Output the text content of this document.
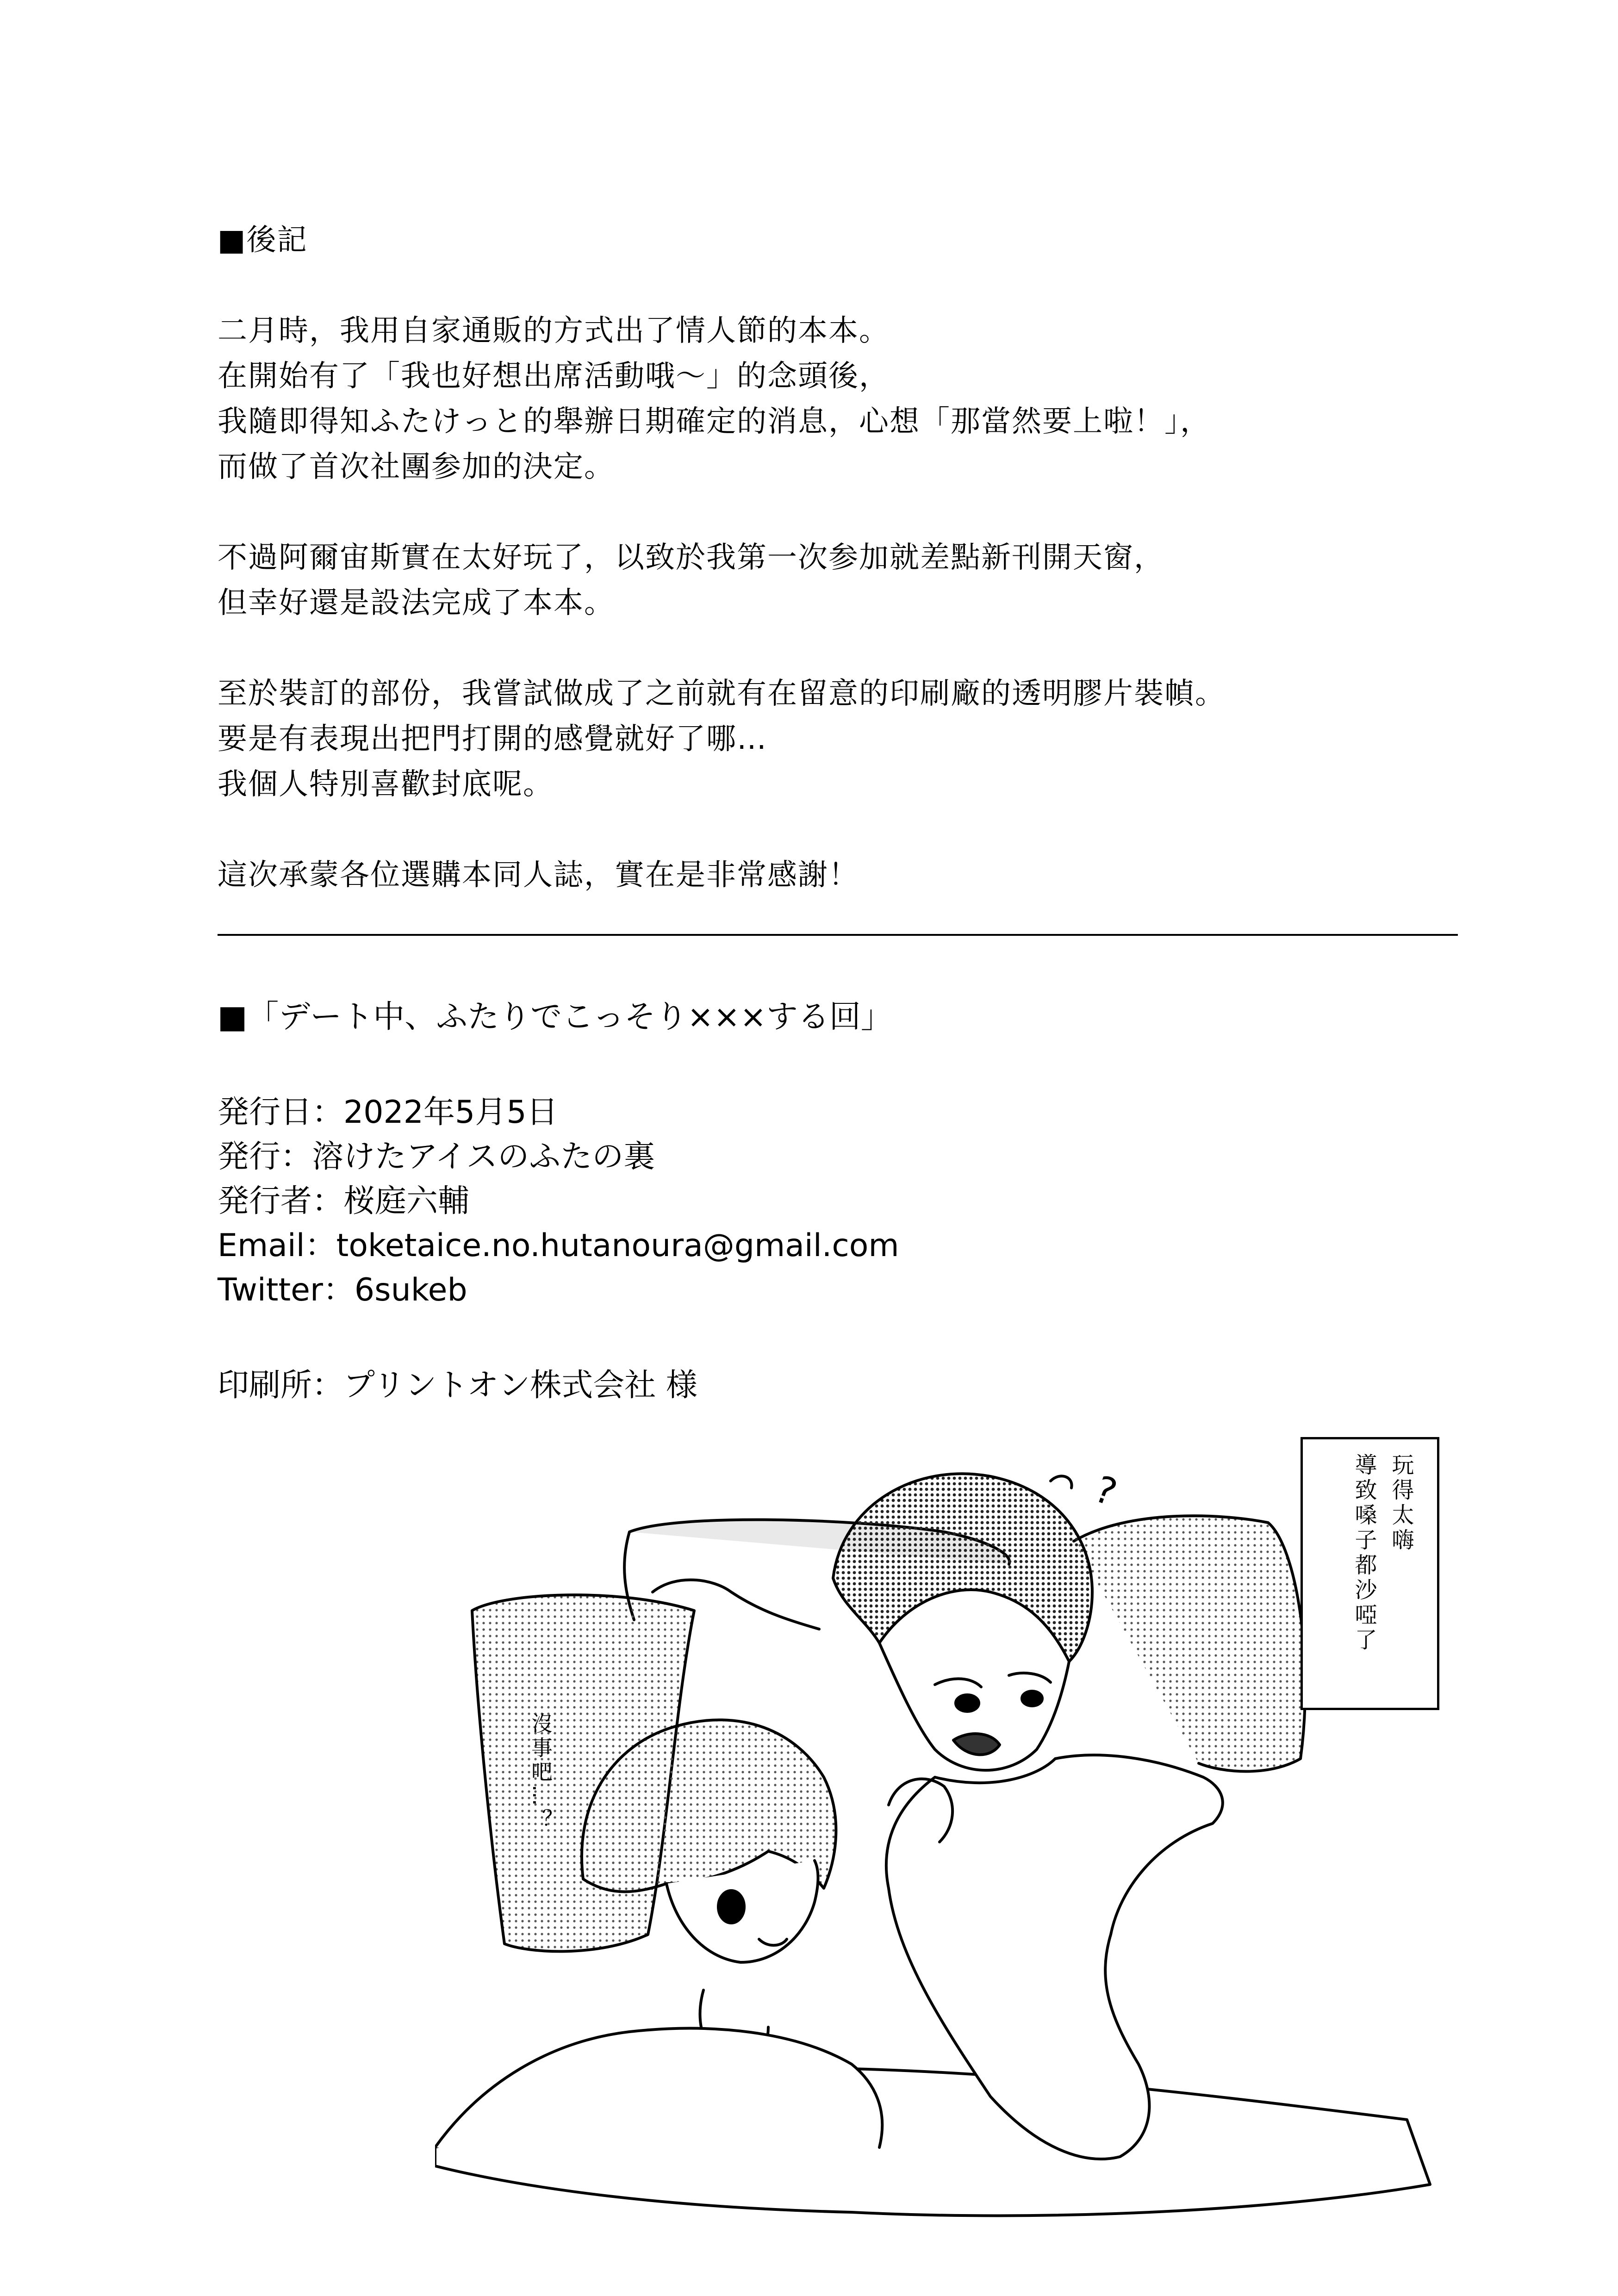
■後記
二月時，我用自家通販的方式出了情人節的本本。
在開始有了「我也好想出席活動哦～」的念頭後，
我隨即得知ふたけっと的舉辦日期確定的消息，心想「那當然要上啦！」，
而做了首次社團参加的決定。
不過阿爾宙斯實在太好玩了，以致於我第一次参加就差點新刊開天窗，
但幸好還是設法完成了本本。
至於裝訂的部份，我嘗試做成了之前就有在留意的印刷廠的透明膠片裝幀。
要是有表現出把門打開的感覺就好了哪…
我個人特別喜歡封底呢。
這次承蒙各位選購本同人誌，實在是非常感謝！
■「デート中、ふたりでこっそり×××する回」
発行日：2022年5月5日
発行：溶けたアイスのふたの裏
発行者：桜庭六輔
Email：toketaice.no.hutanoura@gmail.com
Twitter：6sukeb
印刷所：プリントオン株式会社 様
?	玩得太嗨
導致嗓子都沙啞了
沒事吧…？
